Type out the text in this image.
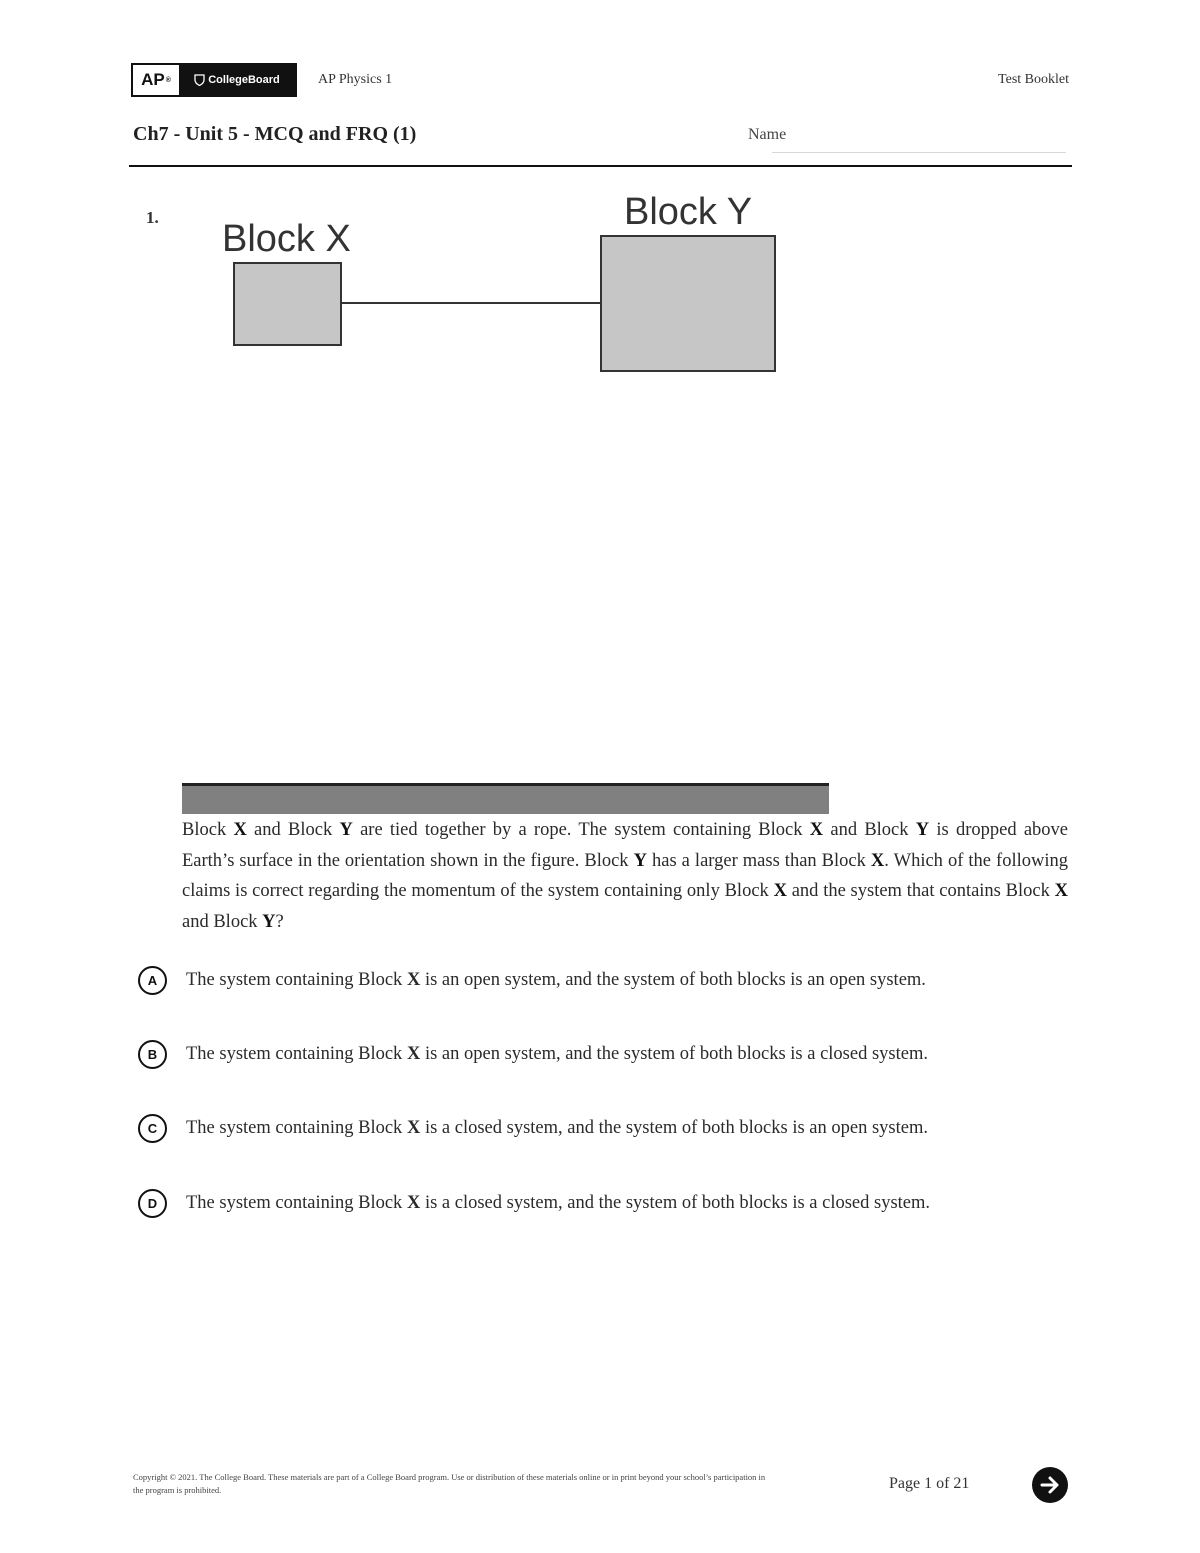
AP ®	CollegeBoard	AP Physics 1	Test Booklet
Ch7 - Unit 5 - MCQ and FRQ (1)	Name
1.
Block X
Block Y
Block X and Block Y are tied together by a rope. The system containing Block X and Block Y is dropped above Earth’s surface in the orientation shown in the figure. Block Y has a larger mass than Block X. Which of the following claims is correct regarding the momentum of the system containing only Block X and the system that contains Block X and Block Y?
A	The system containing Block X is an open system, and the system of both blocks is an open system.
B	The system containing Block X is an open system, and the system of both blocks is a closed system.
C	The system containing Block X is a closed system, and the system of both blocks is an open system.
D	The system containing Block X is a closed system, and the system of both blocks is a closed system.
Copyright © 2021. The College Board. These materials are part of a College Board program. Use or distribution of these materials online or in print beyond your school’s participation in the program is prohibited.	Page 1 of 21
